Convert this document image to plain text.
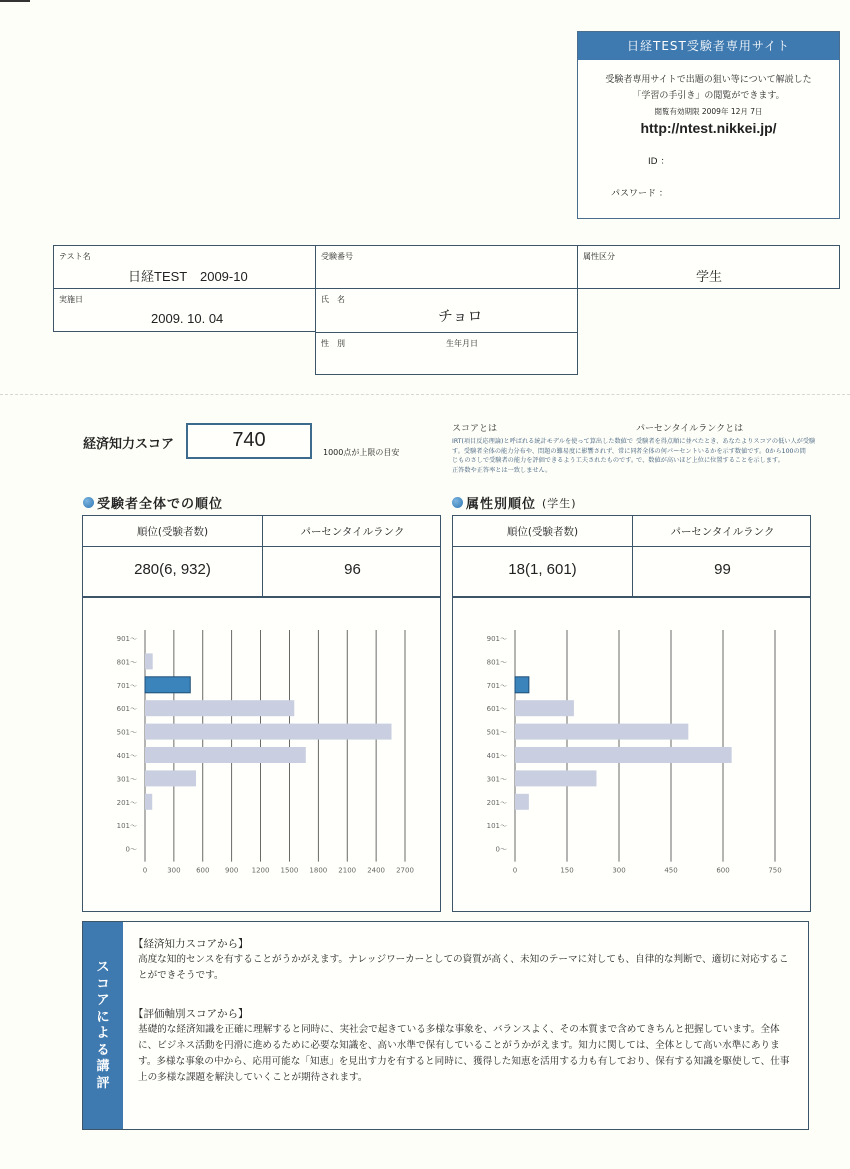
日経TEST受験者専用サイト
受験者専用サイトで出題の狙い等について解説した
「学習の手引き」の閲覧ができます。
閲覧有効期限 2009年 12月 7日
http://ntest.nikkei.jp/
ID ：
パスワード ：
テスト名
日経TEST　2009-10
実施日
2009. 10. 04
受験番号
氏　名
チョロ
性　別	生年月日
属性区分
学生
経済知力スコア	740
1000点が上限の目安
スコアとは
IRT(項目反応理論)と呼ばれる統計モデルを使って算出した数値です。受験者全体の能力分布や、問題の難易度に影響されず、常に同じものさしで受験者の能力を評価できるよう工夫されたものです。正答数や正答率とは一致しません。
パーセンタイルランクとは
受験者を得点順に並べたとき、あなたよりスコアの低い人が受験者全体の何パーセントいるかを示す数値です。0から100の間で、数値が高いほど上位に位置することを示します。
受験者全体での順位	属性別順位 (学生)
順位(受験者数)	パーセンタイルランク
280(6, 932)	96
0	300 600 900 1200 1500 1800 2100 2400 2700
901～
801～
701～
601～
501～
401～
301～
201～
101～
0～
順位(受験者数)	パーセンタイルランク
18(1, 601)	99
0	150	300	450	600	750
901～
801～
701～
601～
501～
401～
301～
201～
101～
0～
ス
コ
ア
に
よ
る
講
評
【経済知力スコアから】
高度な知的センスを有することがうかがえます。ナレッジワーカーとしての資質が高く、未知のテーマに対しても、自律的な判断で、適切に対応することができそうです。
【評価軸別スコアから】
基礎的な経済知識を正確に理解すると同時に、実社会で起きている多様な事象を、バランスよく、その本質まで含めてきちんと把握しています。全体に、ビジネス活動を円滑に進めるために必要な知識を、高い水準で保有していることがうかがえます。知力に関しては、全体として高い水準にあります。多様な事象の中から、応用可能な「知恵」を見出す力を有すると同時に、獲得した知恵を活用する力も有しており、保有する知識を駆使して、仕事上の多様な課題を解決していくことが期待されます。
